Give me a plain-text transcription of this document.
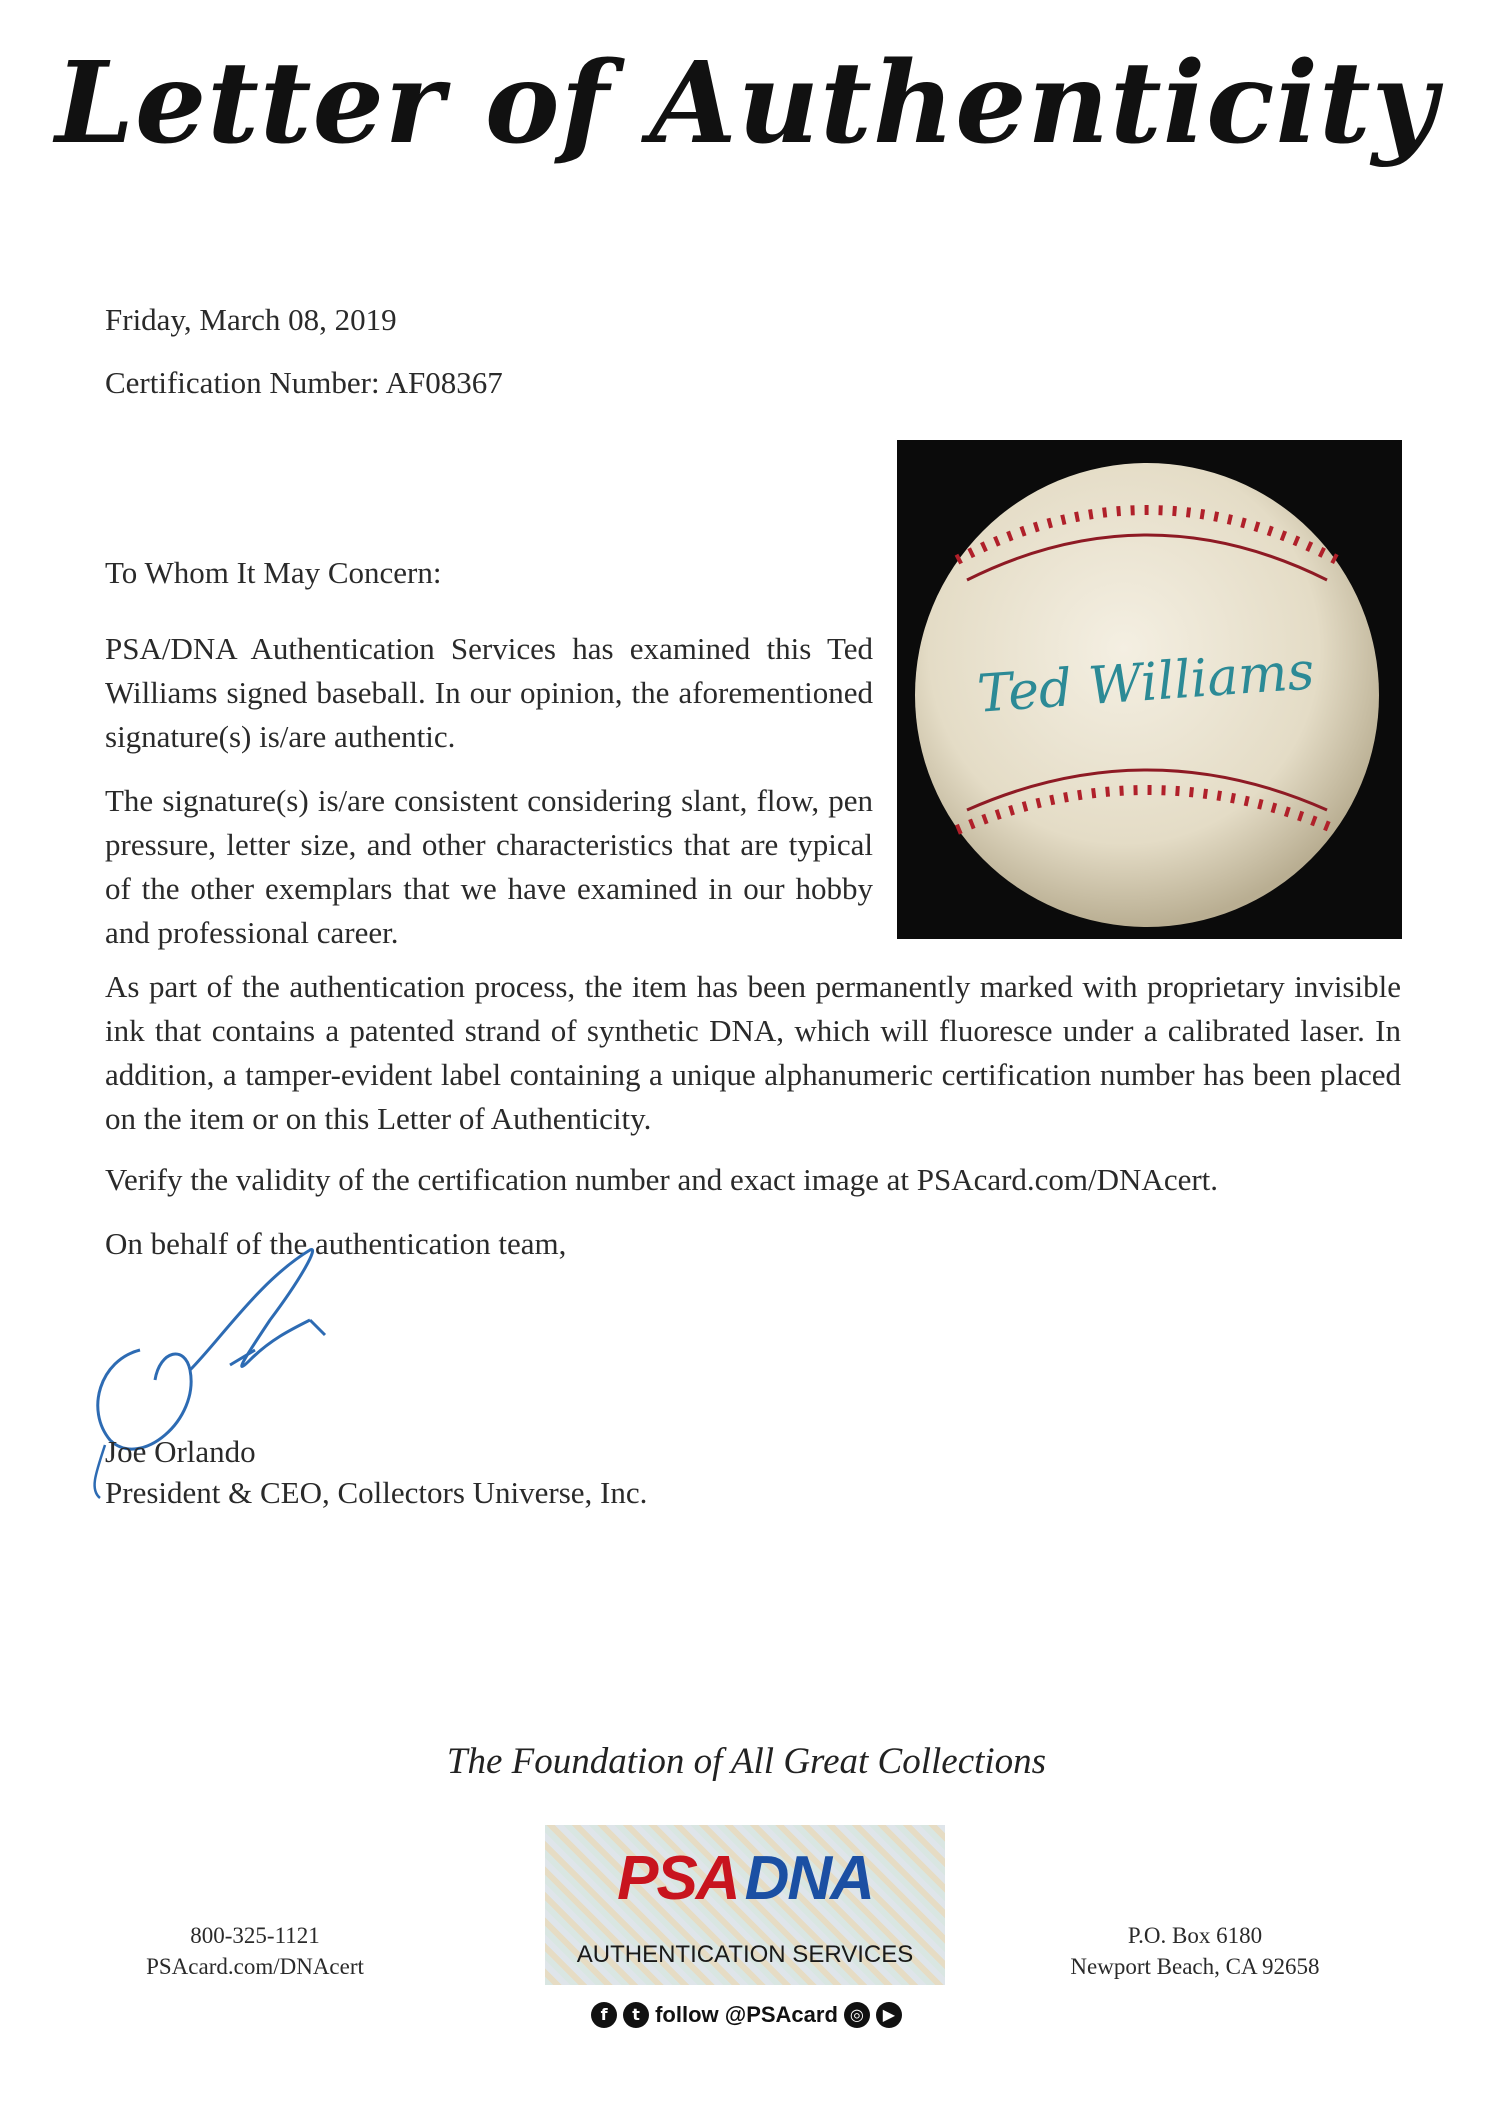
Letter of Authenticity
Friday, March 08, 2019
Certification Number: AF08367
Ted Williams
To Whom It May Concern:
PSA/DNA Authentication Services has examined this Ted Williams signed baseball. In our opinion, the aforementioned signature(s) is/are authentic.
The signature(s) is/are consistent considering slant, flow, pen pressure, letter size, and other characteristics that are typical of the other exemplars that we have examined in our hobby and professional career.
As part of the authentication process, the item has been permanently marked with proprietary invisible ink that contains a patented strand of synthetic DNA, which will fluoresce under a calibrated laser. In addition, a tamper-evident label containing a unique alphanumeric certification number has been placed on the item or on this Letter of Authenticity.
Verify the validity of the certification number and exact image at PSAcard.com/DNAcert.
On behalf of the authentication team,
Joe Orlando
President & CEO, Collectors Universe, Inc.
The Foundation of All Great Collections
800-325-1121
PSAcard.com/DNAcert
PSA DNA
AUTHENTICATION SERVICES
f	t follow @PSAcard ◎	▶
P.O. Box 6180
Newport Beach, CA 92658
